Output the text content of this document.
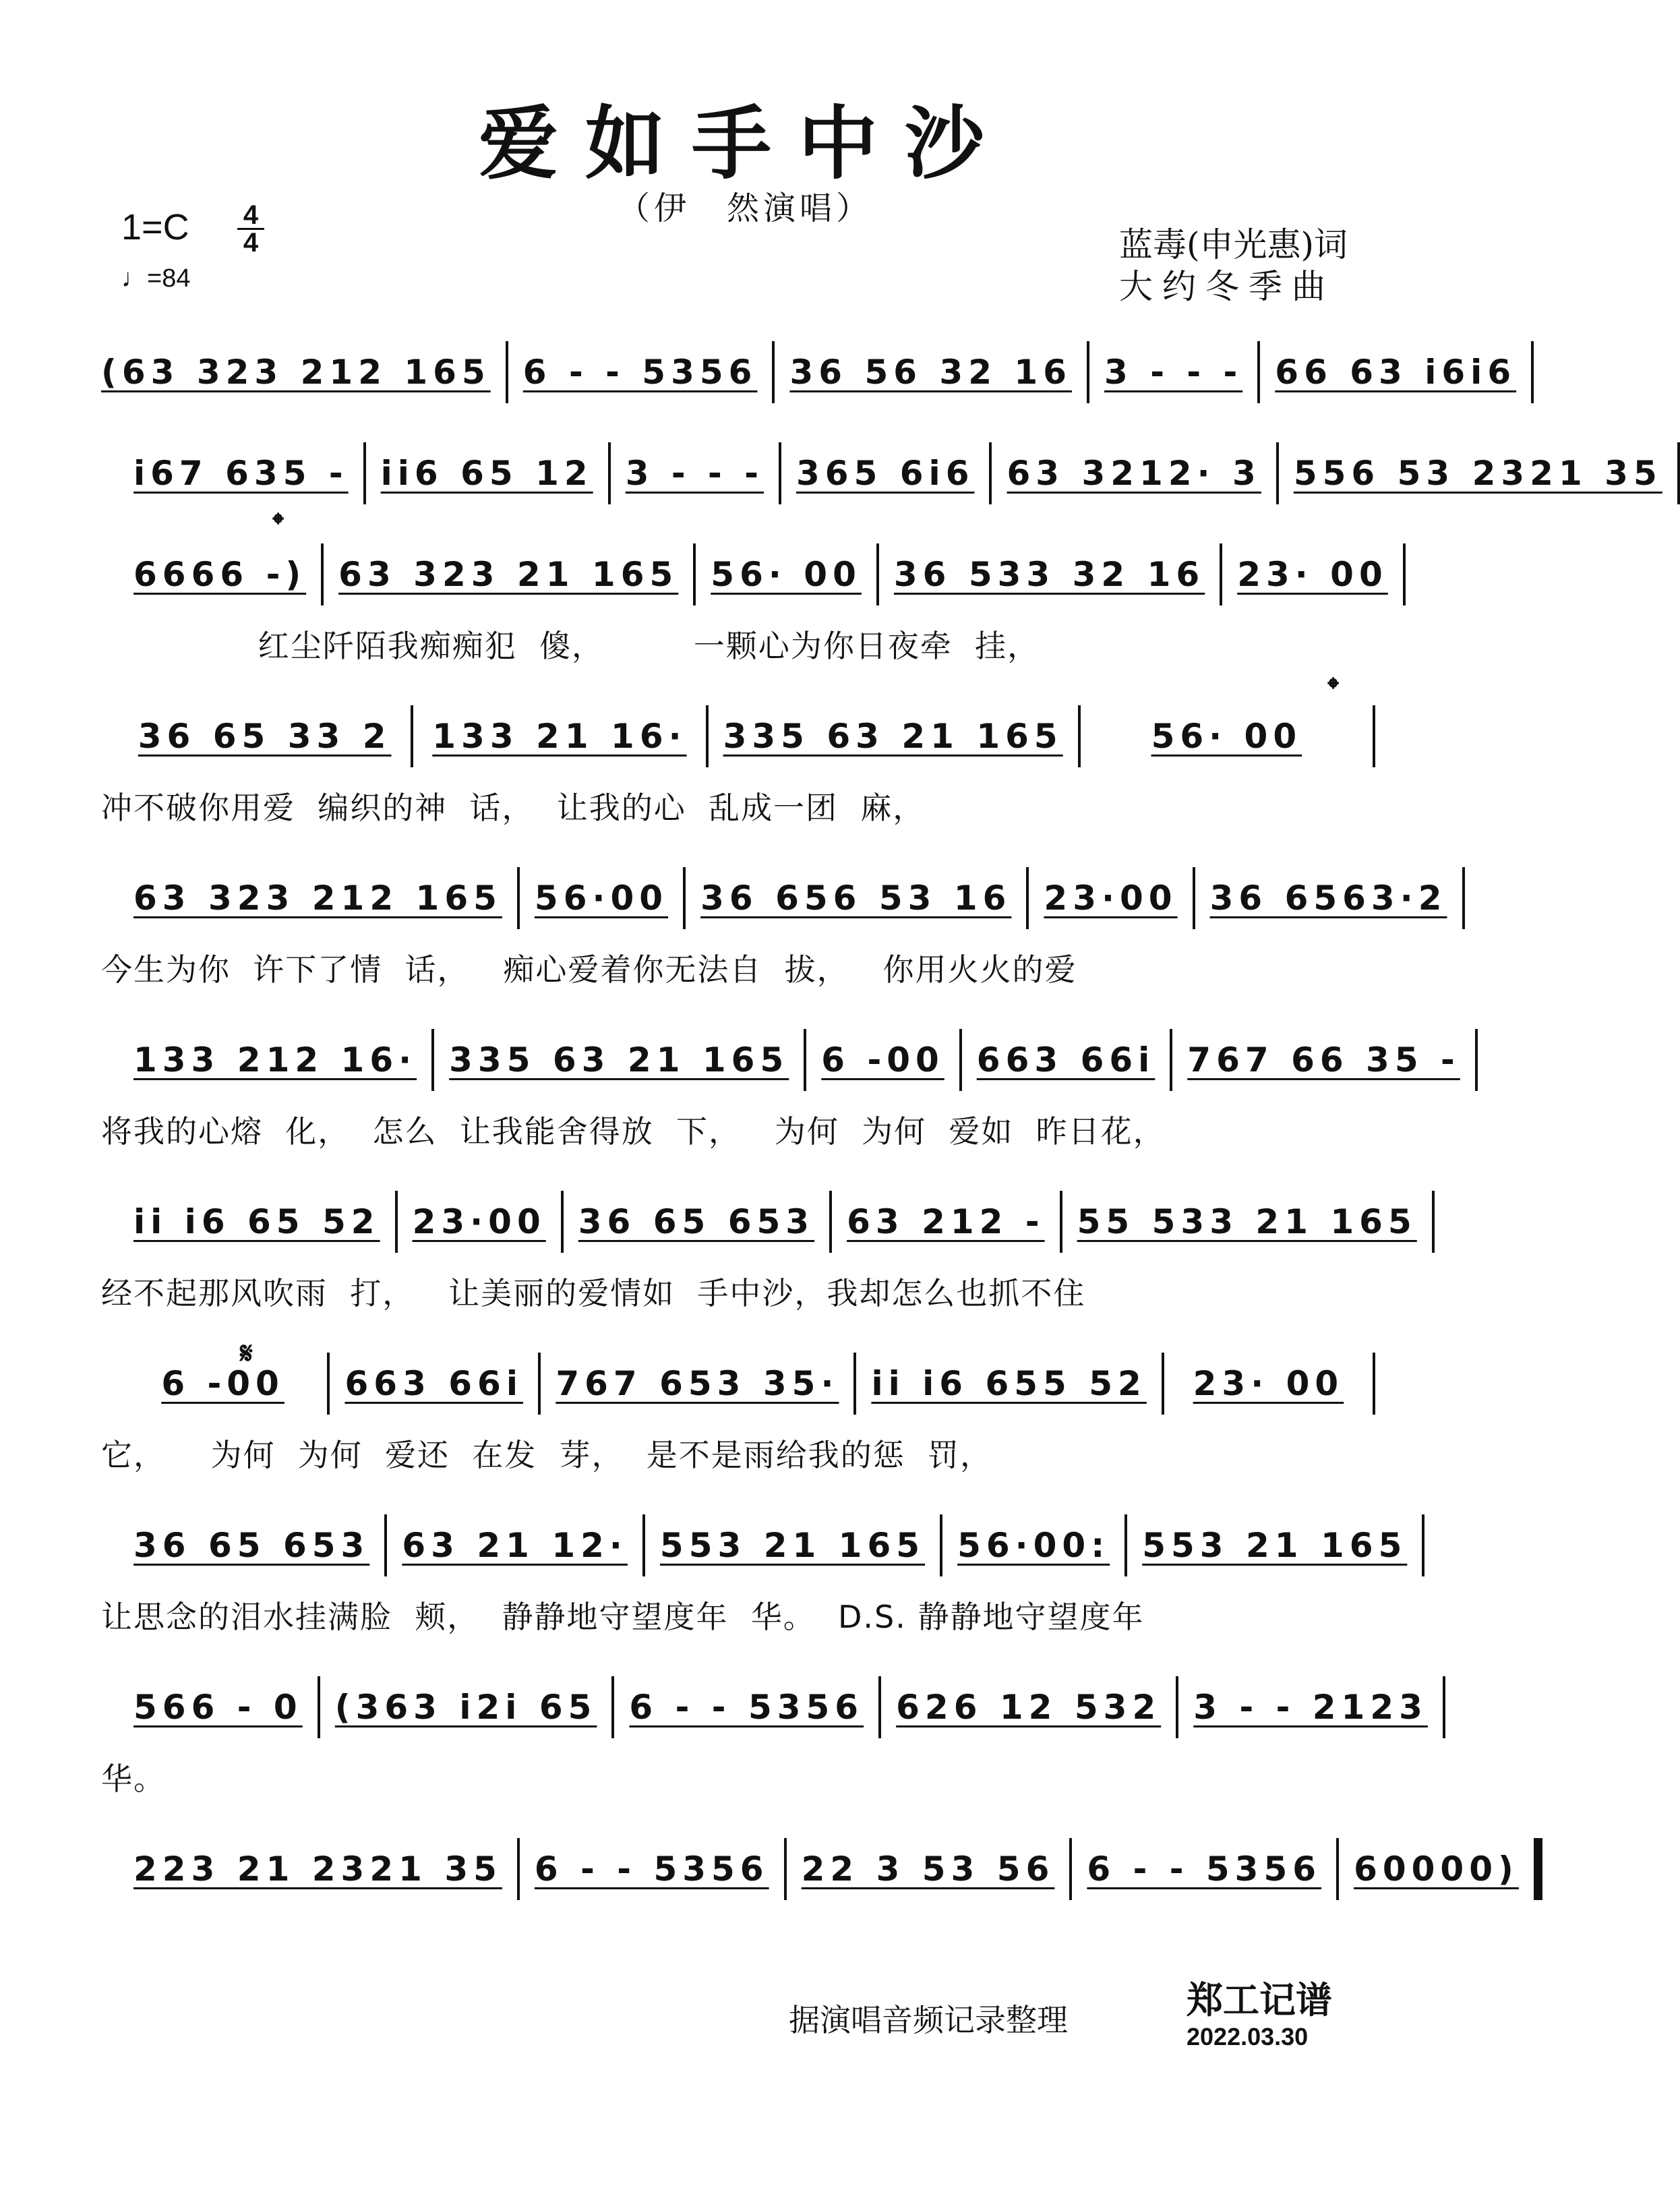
爱如手中沙
（伊　然演唱）
$1=C \frac{4}{4}$
♩=84
蓝毒(申光惠)词
大约冬季曲
(63 323 212 165 6 - - 5356 36 56 32 16 3 - - - 66 63 i6i6
i67 635 - ii6 65 12 3 - - - 365 6i6 63 3212· 3 556 53 2321 35
6666 -) 63 323 21 165 56· 00 36 533 32 16 23· 00
红尘阡陌我痴痴犯  傻，        一颗心为你日夜牵  挂，
36 65 33 2 133 21 16· 335 63 21 165	56· 00
冲不破你用爱  编织的神  话，  让我的心  乱成一团  麻，
63 323 212 165 56·00 36 656 53 16 23·00 36 6563·2
今生为你  许下了情  话，   痴心爱着你无法自  拔，   你用火火的爱
133 212 16· 335 63 21 165 6 -00 663 66i 767 66 35 -
将我的心熔  化，  怎么  让我能舍得放  下，   为何  为何  爱如  昨日花，
ii i6 65 52 23·00 36 65 653 63 212 - 55 533 21 165
经不起那风吹雨  打，   让美丽的爱情如  手中沙，我却怎么也抓不住
6 -00	663 66i 767 653 35· ii i6 655 52	23· 00
它，    为何  为何  爱还  在发  芽，  是不是雨给我的惩  罚，
36 65 653 63 21 12· 553 21 165 56·00: 553 21 165
让思念的泪水挂满脸  颊，  静静地守望度年  华。  D.S. 静静地守望度年
566 - 0 (363 i2i 65 6 - - 5356 626 12 532 3 - - 2123
华。
223 21 2321 35 6 - - 5356 22 3 53 56 6 - - 5356 60000)
𝄌
𝄌
𝄋
据演唱音频记录整理	郑工记谱
2022.03.30
